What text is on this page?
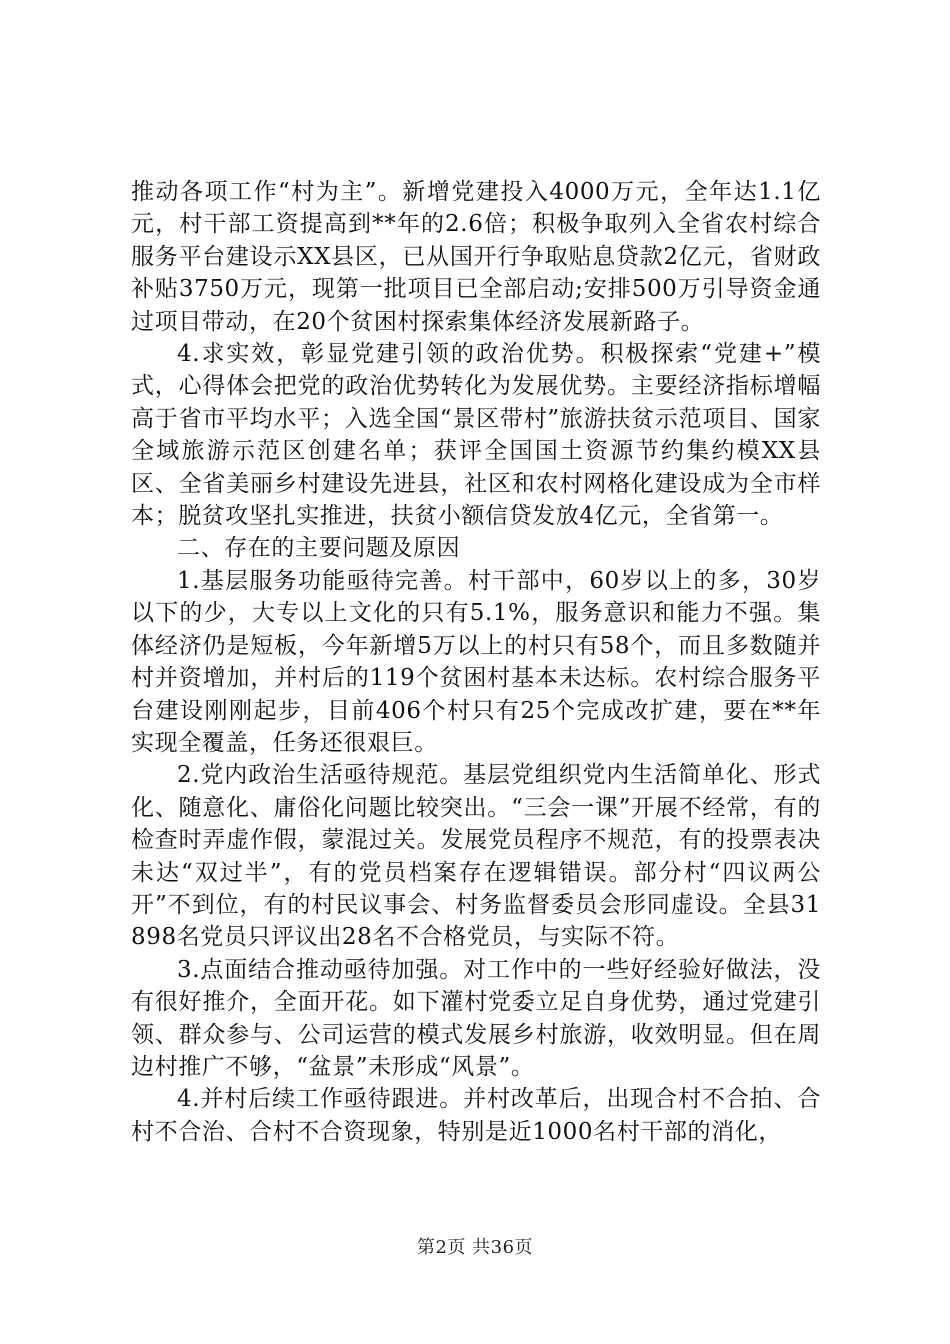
推动各项工作“村为主”。新增党建投入4000万元，全年达1.1亿元，村干部工资提高到**年的2.6倍；积极争取列入全省农村综合服务平台建设示XX县区，已从国开行争取贴息贷款2亿元，省财政补贴3750万元，现第一批项目已全部启动;安排500万引导资金通过项目带动，在20个贫困村探索集体经济发展新路子。

4.求实效，彰显党建引领的政治优势。积极探索“党建+”模式，心得体会把党的政治优势转化为发展优势。主要经济指标增幅高于省市平均水平；入选全国“景区带村”旅游扶贫示范项目、国家全域旅游示范区创建名单；获评全国国土资源节约集约模XX县区、全省美丽乡村建设先进县，社区和农村网格化建设成为全市样本；脱贫攻坚扎实推进，扶贫小额信贷发放4亿元，全省第一。

二、存在的主要问题及原因

1.基层服务功能亟待完善。村干部中，60岁以上的多，30岁以下的少，大专以上文化的只有5.1%，服务意识和能力不强。集体经济仍是短板，今年新增5万以上的村只有58个，而且多数随并村并资增加，并村后的119个贫困村基本未达标。农村综合服务平台建设刚刚起步，目前406个村只有25个完成改扩建，要在**年实现全覆盖，任务还很艰巨。

2.党内政治生活亟待规范。基层党组织党内生活简单化、形式化、随意化、庸俗化问题比较突出。“三会一课”开展不经常，有的检查时弄虚作假，蒙混过关。发展党员程序不规范，有的投票表决未达“双过半”，有的党员档案存在逻辑错误。部分村“四议两公开”不到位，有的村民议事会、村务监督委员会形同虚设。全县31898名党员只评议出28名不合格党员，与实际不符。

3.点面结合推动亟待加强。对工作中的一些好经验好做法，没有很好推介，全面开花。如下灌村党委立足自身优势，通过党建引领、群众参与、公司运营的模式发展乡村旅游，收效明显。但在周边村推广不够，“盆景”未形成“风景”。

4.并村后续工作亟待跟进。并村改革后，出现合村不合拍、合村不合治、合村不合资现象，特别是近1000名村干部的消化，

第2页 共36页
